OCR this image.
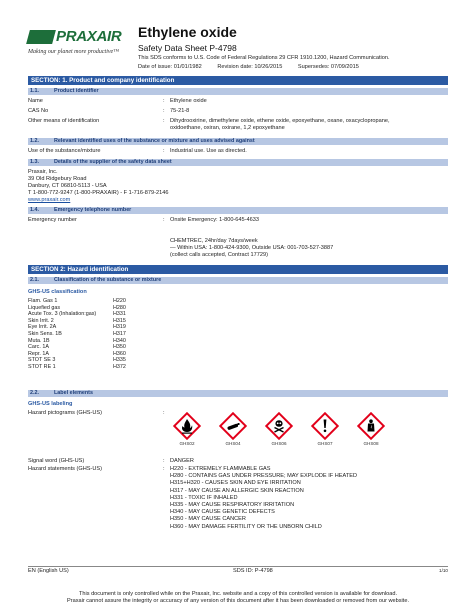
PRAXAIR
Making our planet more productive™
Ethylene oxide
Safety Data Sheet P-4798
This SDS conforms to U.S. Code of Federal Regulations 29 CFR 1910.1200, Hazard Communication.
Date of issue: 01/01/1982	Revision date: 10/26/2015	Supersedes: 07/09/2015
SECTION: 1. Product and company identification
1.1.	Product identifier
Name	: Ethylene oxide
CAS No	: 75-21-8
Other means of identification	: Dihydrooxirine, dimethylene oxide, ethene oxide, epoxyethane, oxane, oxacyclopropane,
oxidoethane, oxiran, oxirane, 1,2 epoxyethane
1.2.	Relevant identified uses of the substance or mixture and uses advised against
Use of the substance/mixture	: Industrial use. Use as directed.
1.3.	Details of the supplier of the safety data sheet
Praxair, Inc.
39 Old Ridgebury Road
Danbury, CT 06810-5113 - USA
T 1-800-772-9247 (1-800-PRAXAIR) - F 1-716-879-2146
www.praxair.com
1.4.	Emergency telephone number
Emergency number	: Onsite Emergency: 1-800-645-4633
CHEMTREC, 24hr/day 7days/week
— Within USA: 1-800-424-9300, Outside USA: 001-703-527-3887
(collect calls accepted, Contract 17729)
SECTION 2: Hazard identification
2.1.	Classification of the substance or mixture
GHS-US classification
Flam. Gas 1	H220
Liquefied gas	H280
Acute Tox. 3 (Inhalation:gas)	H331
Skin Irrit. 2	H315
Eye Irrit. 2A	H319
Skin Sens. 1B	H317
Muta. 1B	H340
Carc. 1A	H350
Repr. 1A	H360
STOT SE 3	H335
STOT RE 1	H372
2.2.	Label elements
GHS-US labeling
Hazard pictograms (GHS-US)	:
GHS02	GHS04	GHS06	GHS07	GHS08
Signal word (GHS-US)	: DANGER
Hazard statements (GHS-US)	: H220 - EXTREMELY FLAMMABLE GAS
H280 - CONTAINS GAS UNDER PRESSURE; MAY EXPLODE IF HEATED
H315+H320 - CAUSES SKIN AND EYE IRRITATION
H317 - MAY CAUSE AN ALLERGIC SKIN REACTION
H331 - TOXIC IF INHALED
H335 - MAY CAUSE RESPIRATORY IRRITATION
H340 - MAY CAUSE GENETIC DEFECTS
H350 - MAY CAUSE CANCER
H360 - MAY DAMAGE FERTILITY OR THE UNBORN CHILD
EN (English US)	SDS ID: P-4798	1/10
This document is only controlled while on the Praxair, Inc. website and a copy of this controlled version is available for download.
Praxair cannot assure the integrity or accuracy of any version of this document after it has been downloaded or removed from our website.
